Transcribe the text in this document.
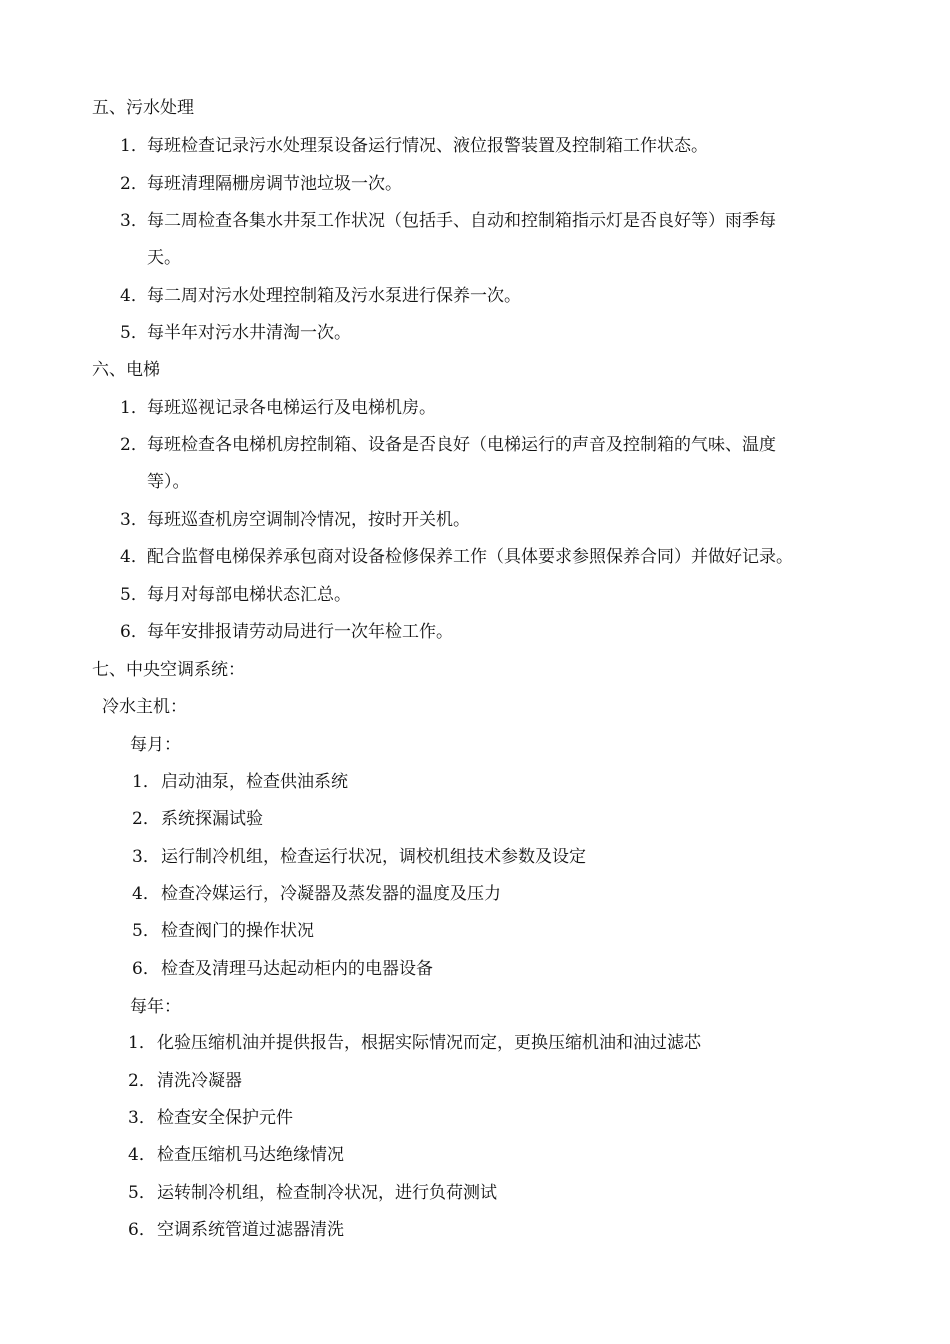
五、污水处理
1．每班检查记录污水处理泵设备运行情况、液位报警装置及控制箱工作状态。
2．每班清理隔栅房调节池垃圾一次。
3．每二周检查各集水井泵工作状况（包括手、自动和控制箱指示灯是否良好等）雨季每
天。
4．每二周对污水处理控制箱及污水泵进行保养一次。
5．每半年对污水井清淘一次。
六、电梯
1．每班巡视记录各电梯运行及电梯机房。
2．每班检查各电梯机房控制箱、设备是否良好（电梯运行的声音及控制箱的气味、温度
等）。
3．每班巡查机房空调制冷情况，按时开关机。
4．配合监督电梯保养承包商对设备检修保养工作（具体要求参照保养合同）并做好记录。
5．每月对每部电梯状态汇总。
6．每年安排报请劳动局进行一次年检工作。
七、中央空调系统：
冷水主机：
每月：
1．启动油泵，检查供油系统
2．系统探漏试验
3．运行制冷机组，检查运行状况，调校机组技术参数及设定
4．检查冷媒运行，冷凝器及蒸发器的温度及压力
5．检查阀门的操作状况
6．检查及清理马达起动柜内的电器设备
每年：
1．化验压缩机油并提供报告，根据实际情况而定，更换压缩机油和油过滤芯
2．清洗冷凝器
3．检查安全保护元件
4．检查压缩机马达绝缘情况
5．运转制冷机组，检查制冷状况，进行负荷测试
6．空调系统管道过滤器清洗
